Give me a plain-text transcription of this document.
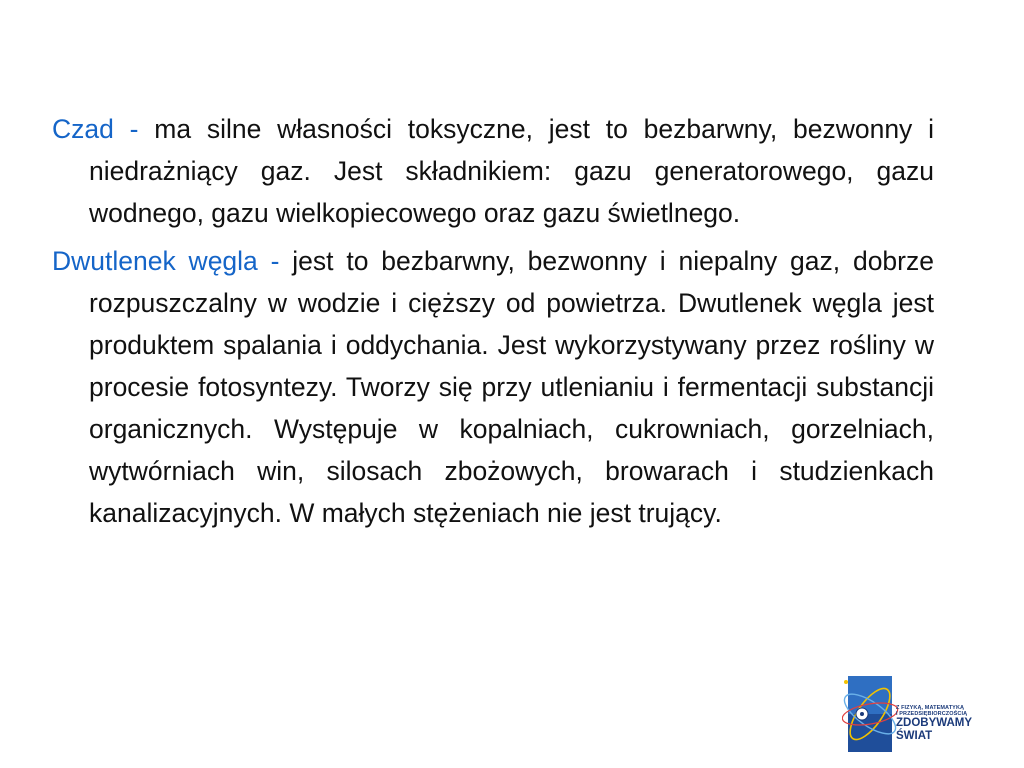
Czad - ma silne własności toksyczne, jest to bezbarwny, bezwonny i niedrażniący gaz. Jest składnikiem: gazu generatorowego, gazu wodnego, gazu wielkopiecowego oraz gazu świetlnego.

Dwutlenek węgla - jest to bezbarwny, bezwonny i niepalny gaz, dobrze rozpuszczalny w wodzie i cięższy od powietrza. Dwutlenek węgla jest produktem spalania i oddychania. Jest wykorzystywany przez rośliny w procesie fotosyntezy. Tworzy się przy utlenianiu i fermentacji substancji organicznych. Występuje w kopalniach, cukrowniach, gorzelniach, wytwórniach win, silosach zbożowych, browarach i studzienkach kanalizacyjnych. W małych stężeniach nie jest trujący.

Z FIZYKĄ, MATEMATYKĄ
I PRZEDSIĘBIORCZOŚCIĄ
ZDOBYWAMY
ŚWIAT
